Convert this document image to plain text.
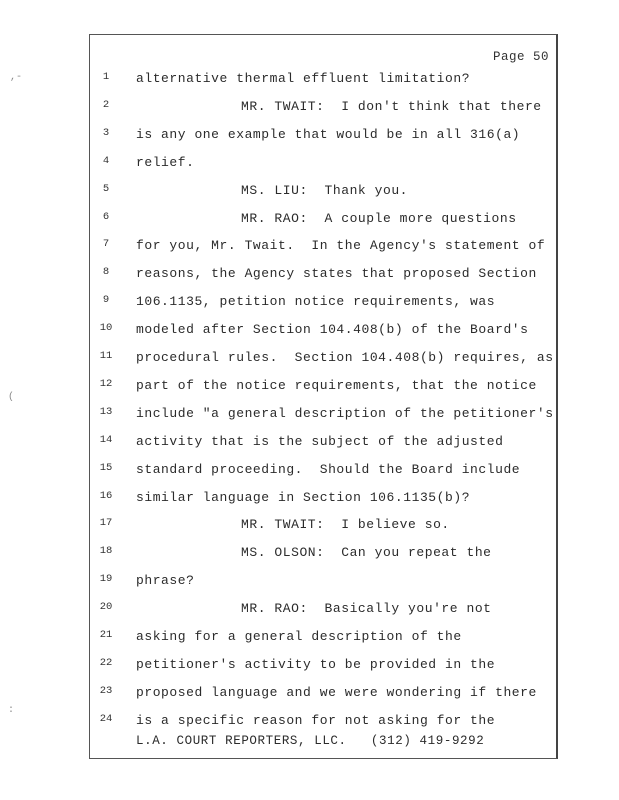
Page 50
1	alternative thermal effluent limitation?
2	MR. TWAIT:  I don't think that there
3	is any one example that would be in all 316(a)
4	relief.
5	MS. LIU:  Thank you.
6	MR. RAO:  A couple more questions
7	for you, Mr. Twait.  In the Agency's statement of
8	reasons, the Agency states that proposed Section
9	106.1135, petition notice requirements, was
10 modeled after Section 104.408(b) of the Board's
11 procedural rules.  Section 104.408(b) requires, as
12 part of the notice requirements, that the notice
13 include "a general description of the petitioner's
14 activity that is the subject of the adjusted
15 standard proceeding.  Should the Board include
16 similar language in Section 106.1135(b)?
17	MR. TWAIT:  I believe so.
18	MS. OLSON:  Can you repeat the
19 phrase?
20	MR. RAO:  Basically you're not
21 asking for a general description of the
22 petitioner's activity to be provided in the
23 proposed language and we were wondering if there
24 is a specific reason for not asking for the
L.A. COURT REPORTERS, LLC.   (312) 419-9292
,-
(
:
